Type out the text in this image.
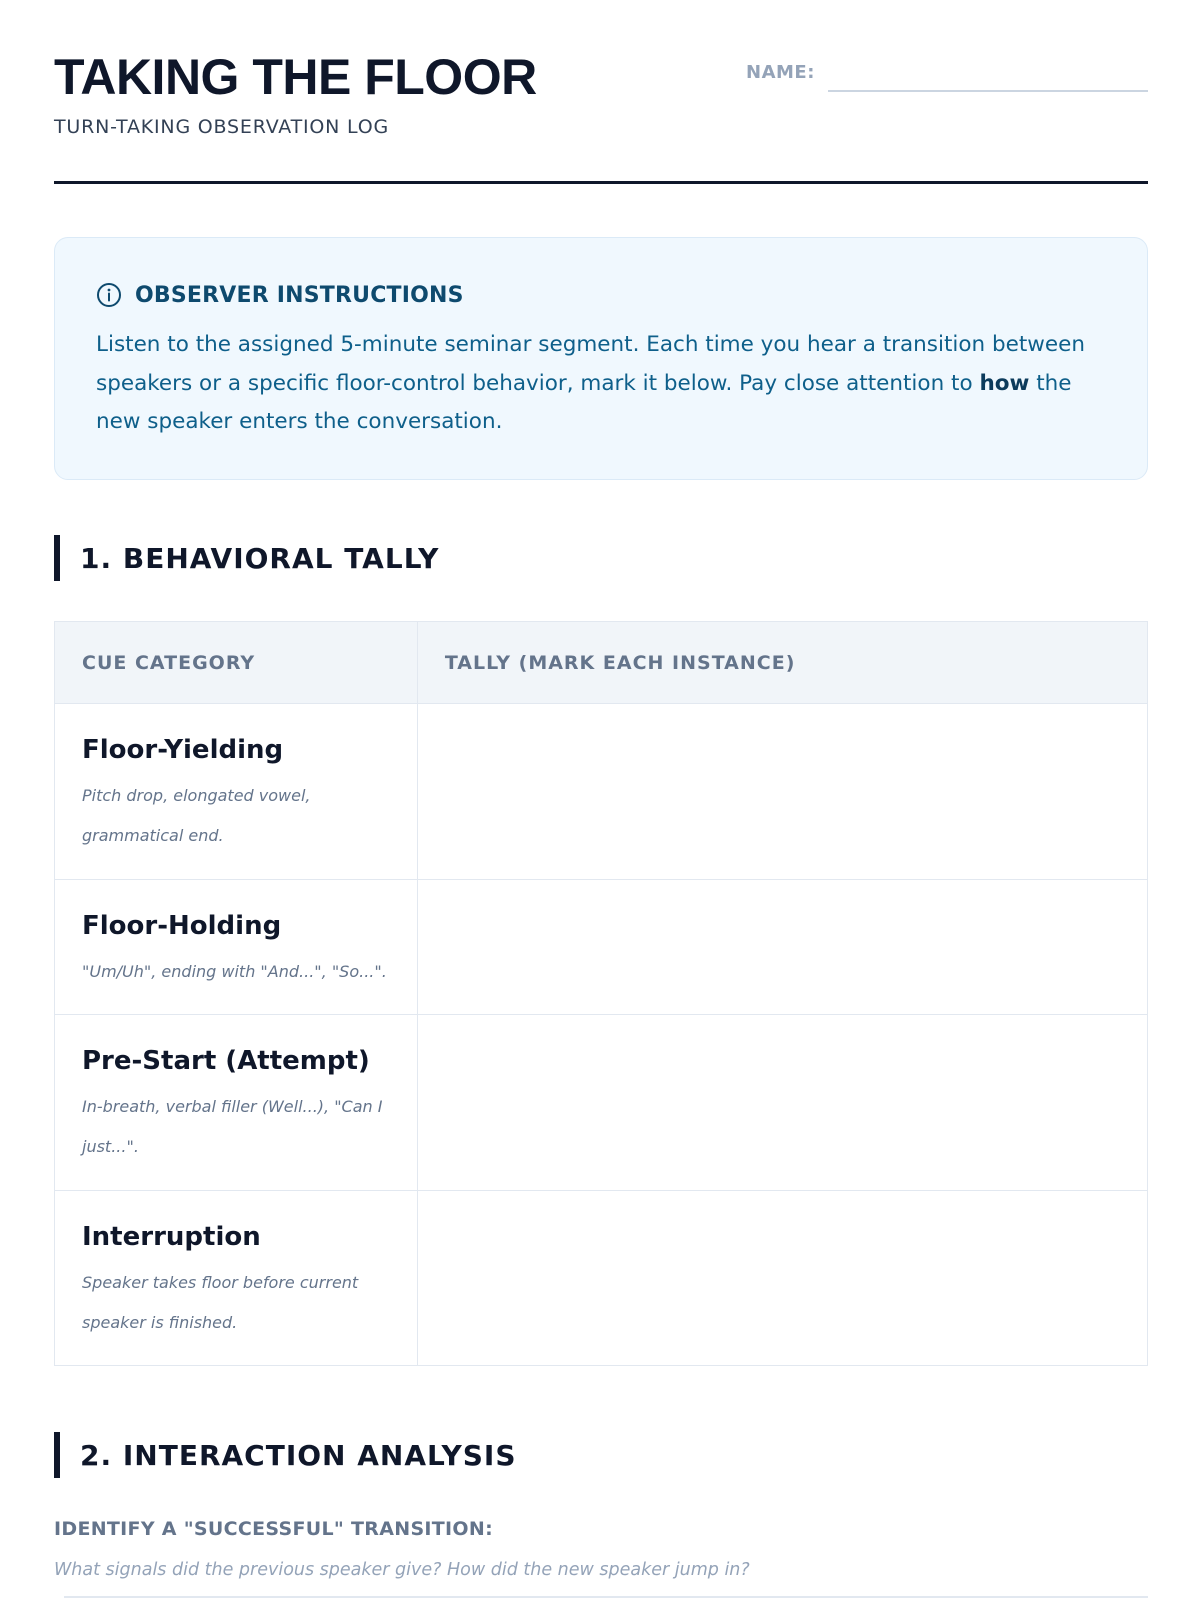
TAKING THE FLOOR
TURN-TAKING OBSERVATION LOG
NAME:
OBSERVER INSTRUCTIONS
Listen to the assigned 5-minute seminar segment. Each time you hear a transition between speakers or a specific floor-control behavior, mark it below. Pay close attention to how the new speaker enters the conversation.
1. BEHAVIORAL TALLY
CUE CATEGORY	TALLY (MARK EACH INSTANCE)

Floor-Yielding
Pitch drop, elongated vowel, grammatical end.	

Floor-Holding
"Um/Uh", ending with "And...", "So...".	

Pre-Start (Attempt)
In-breath, verbal filler (Well...), "Can I just...".	

Interruption
Speaker takes floor before current speaker is finished.	

2. INTERACTION ANALYSIS
IDENTIFY A "SUCCESSFUL" TRANSITION:
What signals did the previous speaker give? How did the new speaker jump in?
